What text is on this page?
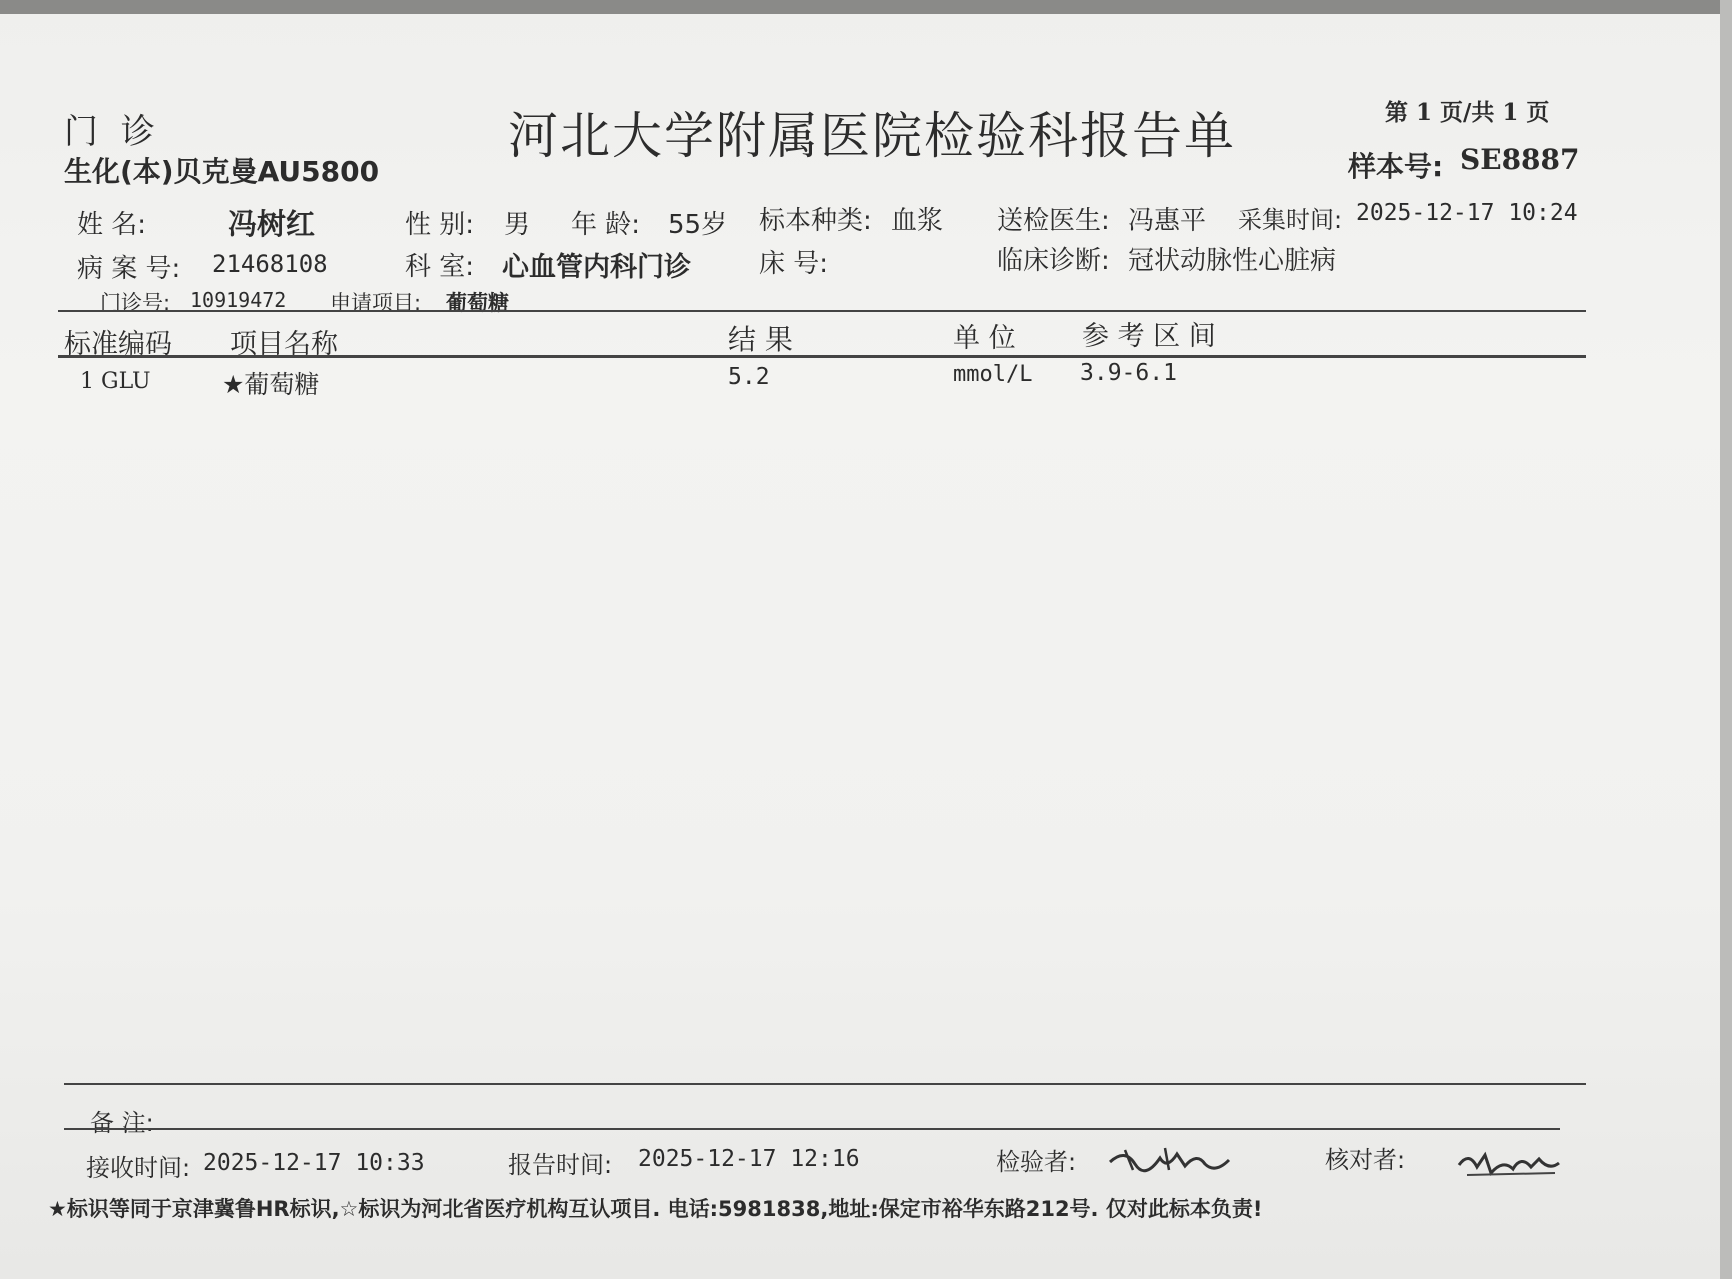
门 诊
生化(本)贝克曼AU5800
河北大学附属医院检验科报告单	第 1 页/共 1 页
样本号: SE8887
姓 名:	冯树红	性 别: 男 年 龄: 55岁 标本种类: 血浆 送检医生: 冯惠平 采集时间: 2025-12-17 10:24
病 案 号: 21468108	科 室: 心血管内科门诊	床 号:	临床诊断: 冠状动脉性心脏病
门诊号: 10919472 申请项目: 葡萄糖
标准编码 项目名称	结 果	单 位 参 考 区 间
1 GLU	★葡萄糖	5.2	mmol/L 3.9-6.1
备 注:
接收时间: 2025-12-17 10:33	报告时间: 2025-12-17 12:16	检验者:	核对者:
★标识等同于京津冀鲁HR标识,☆标识为河北省医疗机构互认项目. 电话:5981838,地址:保定市裕华东路212号. 仅对此标本负责!
